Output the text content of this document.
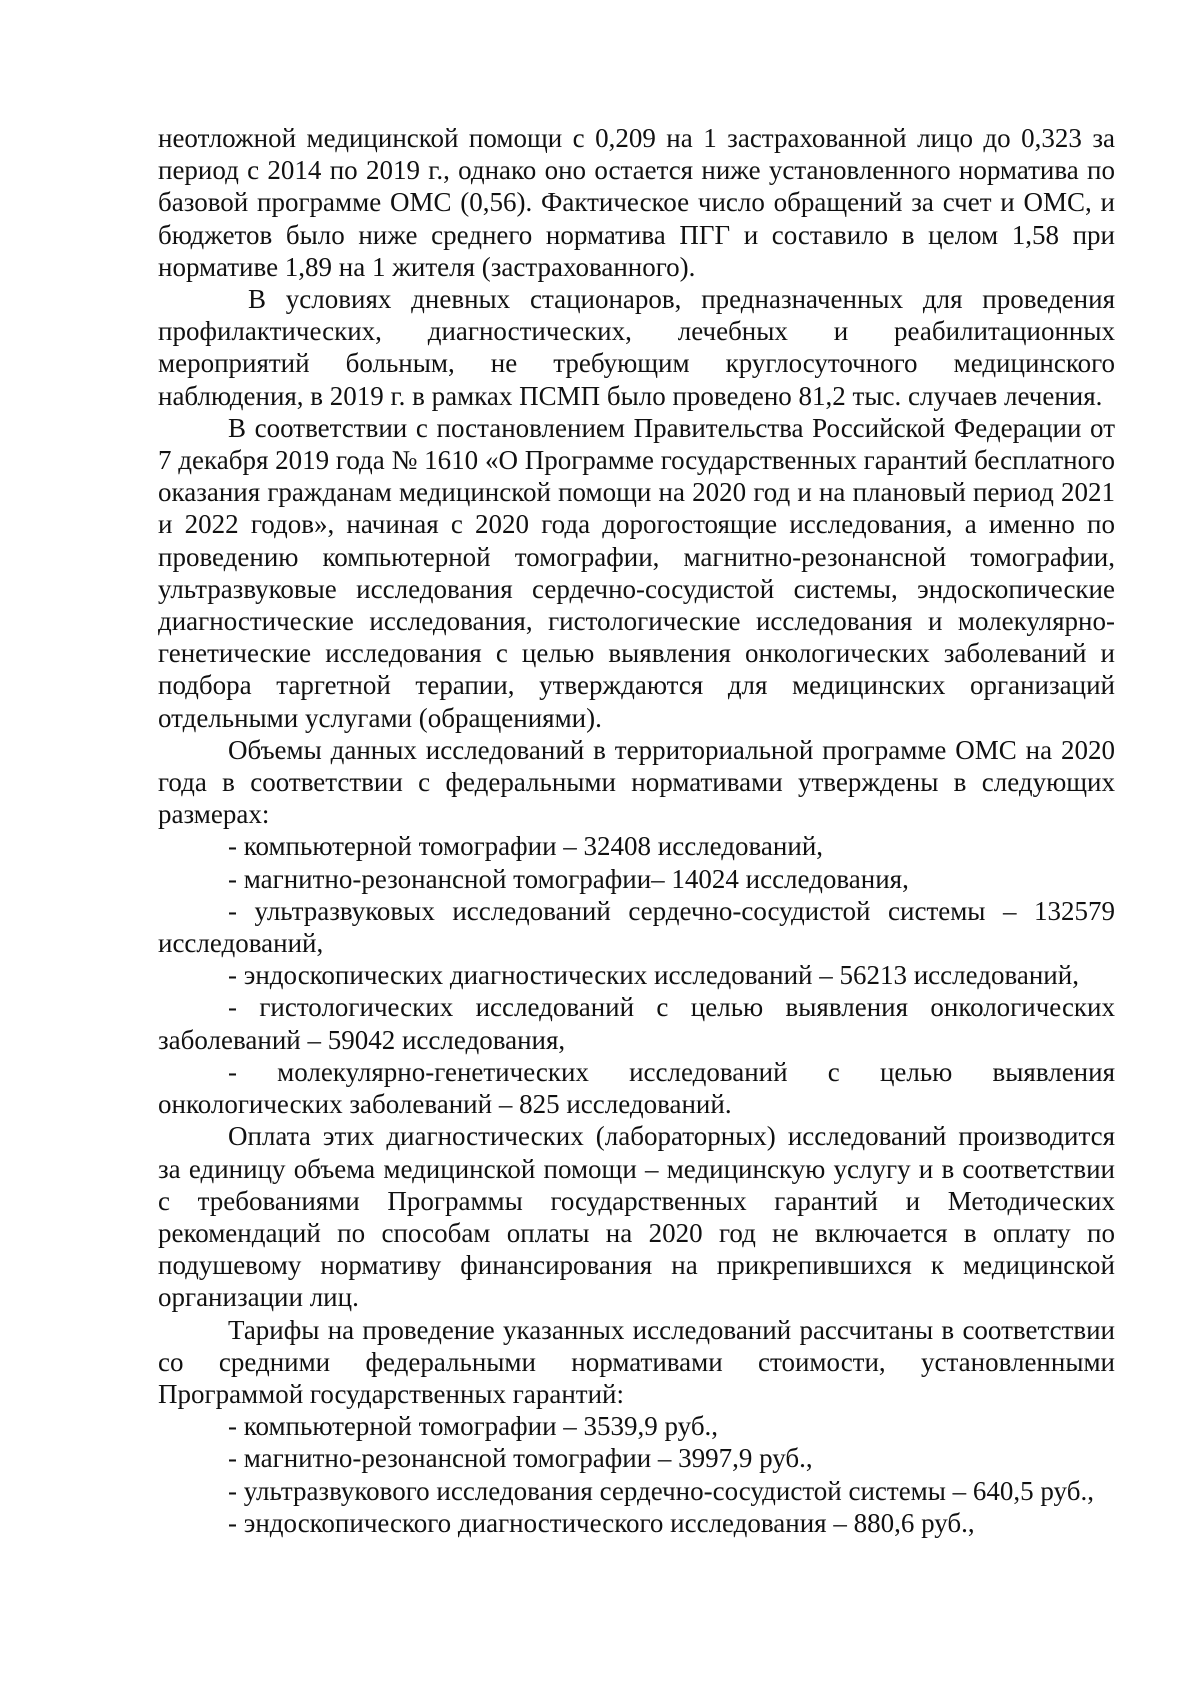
неотложной медицинской помощи с 0,209 на 1 застрахованной лицо до 0,323 за период с 2014 по 2019 г., однако оно остается ниже установленного норматива по базовой программе ОМС (0,56). Фактическое число обращений за счет и ОМС, и бюджетов было ниже среднего норматива ПГГ и составило в целом 1,58 при нормативе 1,89 на 1 жителя (застрахованного).

В условиях дневных стационаров, предназначенных для проведения профилактических, диагностических, лечебных и реабилитационных мероприятий больным, не требующим круглосуточного медицинского наблюдения, в 2019 г. в рамках ПСМП было проведено 81,2 тыс. случаев лечения.

В соответствии с постановлением Правительства Российской Федерации от 7 декабря 2019 года № 1610 «О Программе государственных гарантий бесплатного оказания гражданам медицинской помощи на 2020 год и на плановый период 2021 и 2022 годов», начиная с 2020 года дорогостоящие исследования, а именно по проведению компьютерной томографии, магнитно-резонансной томографии, ультразвуковые исследования сердечно-сосудистой системы, эндоскопические диагностические исследования, гистологические исследования и молекулярно-генетические исследования с целью выявления онкологических заболеваний и подбора таргетной терапии, утверждаются для медицинских организаций отдельными услугами (обращениями).

Объемы данных исследований в территориальной программе ОМС на 2020 года в соответствии с федеральными нормативами утверждены в следующих размерах:

- компьютерной томографии – 32408 исследований,

- магнитно-резонансной томографии– 14024 исследования,

- ультразвуковых исследований сердечно-сосудистой системы – 132579 исследований,

- эндоскопических диагностических исследований – 56213 исследований,

- гистологических исследований с целью выявления онкологических заболеваний – 59042 исследования,

- молекулярно-генетических исследований с целью выявления онкологических заболеваний – 825 исследований.

Оплата этих диагностических (лабораторных) исследований производится за единицу объема медицинской помощи – медицинскую услугу и в соответствии с требованиями Программы государственных гарантий и Методических рекомендаций по способам оплаты на 2020 год не включается в оплату по подушевому нормативу финансирования на прикрепившихся к медицинской организации лиц.

Тарифы на проведение указанных исследований рассчитаны в соответствии со средними федеральными нормативами стоимости, установленными Программой государственных гарантий:

- компьютерной томографии – 3539,9 руб.,

- магнитно-резонансной томографии – 3997,9 руб.,

- ультразвукового исследования сердечно-сосудистой системы – 640,5 руб.,

- эндоскопического диагностического исследования – 880,6 руб.,
